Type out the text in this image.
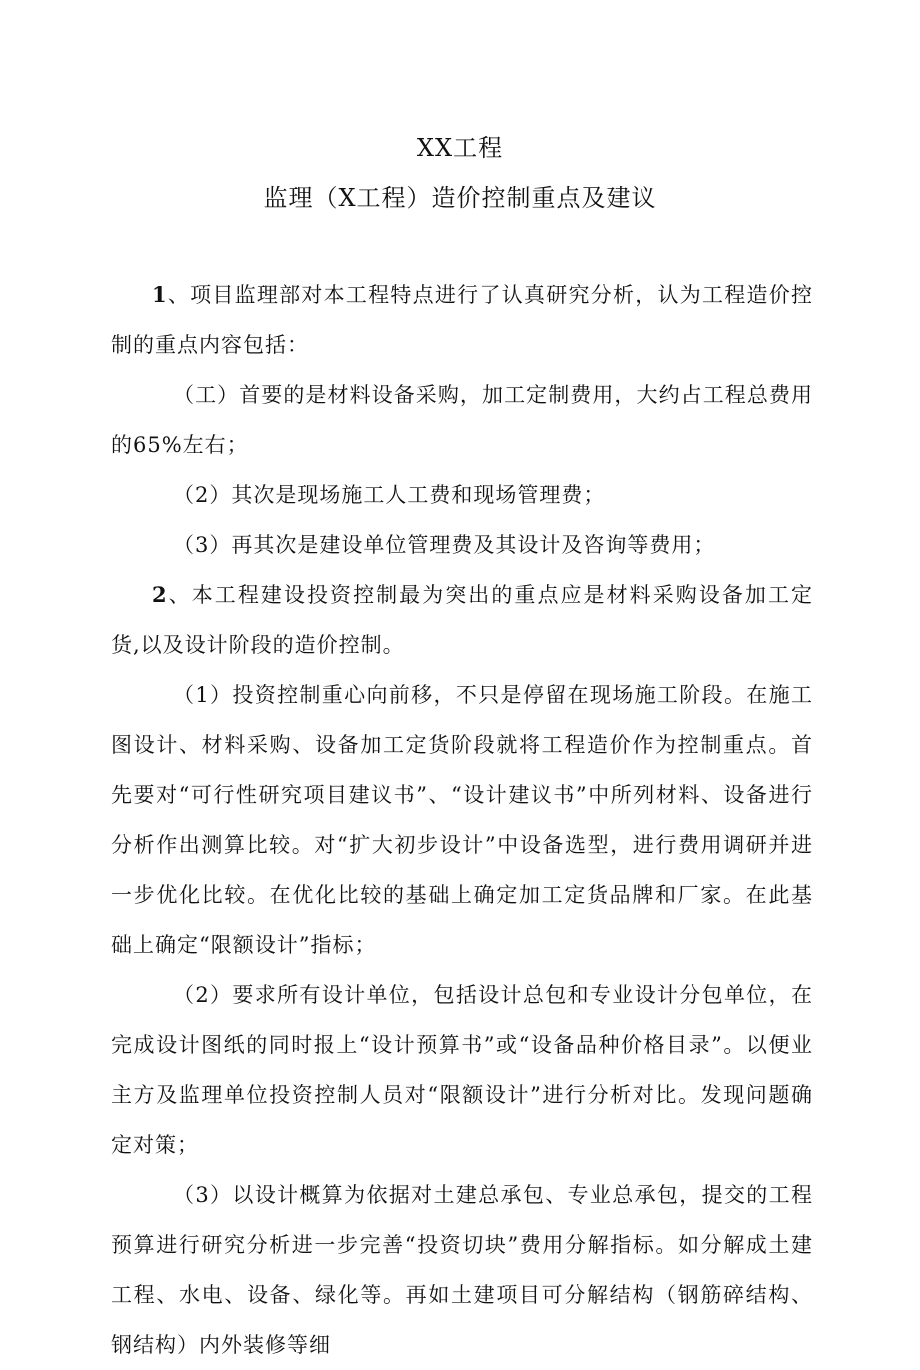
XX工程
监理（X工程）造价控制重点及建议

1、项目监理部对本工程特点进行了认真研究分析，认为工程造价控制的重点内容包括：

（工）首要的是材料设备采购，加工定制费用，大约占工程总费用的65%左右；

（2）其次是现场施工人工费和现场管理费；

（3）再其次是建设单位管理费及其设计及咨询等费用；

2、本工程建设投资控制最为突出的重点应是材料采购设备加工定货,以及设计阶段的造价控制。

（1）投资控制重心向前移，不只是停留在现场施工阶段。在施工图设计、材料采购、设备加工定货阶段就将工程造价作为控制重点。首先要对“可行性研究项目建议书”、“设计建议书”中所列材料、设备进行分析作出测算比较。对“扩大初步设计”中设备选型，进行费用调研并进一步优化比较。在优化比较的基础上确定加工定货品牌和厂家。在此基础上确定“限额设计”指标；

（2）要求所有设计单位，包括设计总包和专业设计分包单位，在完成设计图纸的同时报上“设计预算书”或“设备品种价格目录”。以便业主方及监理单位投资控制人员对“限额设计”进行分析对比。发现问题确定对策；

（3）以设计概算为依据对土建总承包、专业总承包，提交的工程预算进行研究分析进一步完善“投资切块”费用分解指标。如分解成土建工程、水电、设备、绿化等。再如土建项目可分解结构（钢筋碎结构、钢结构）内外装修等细
